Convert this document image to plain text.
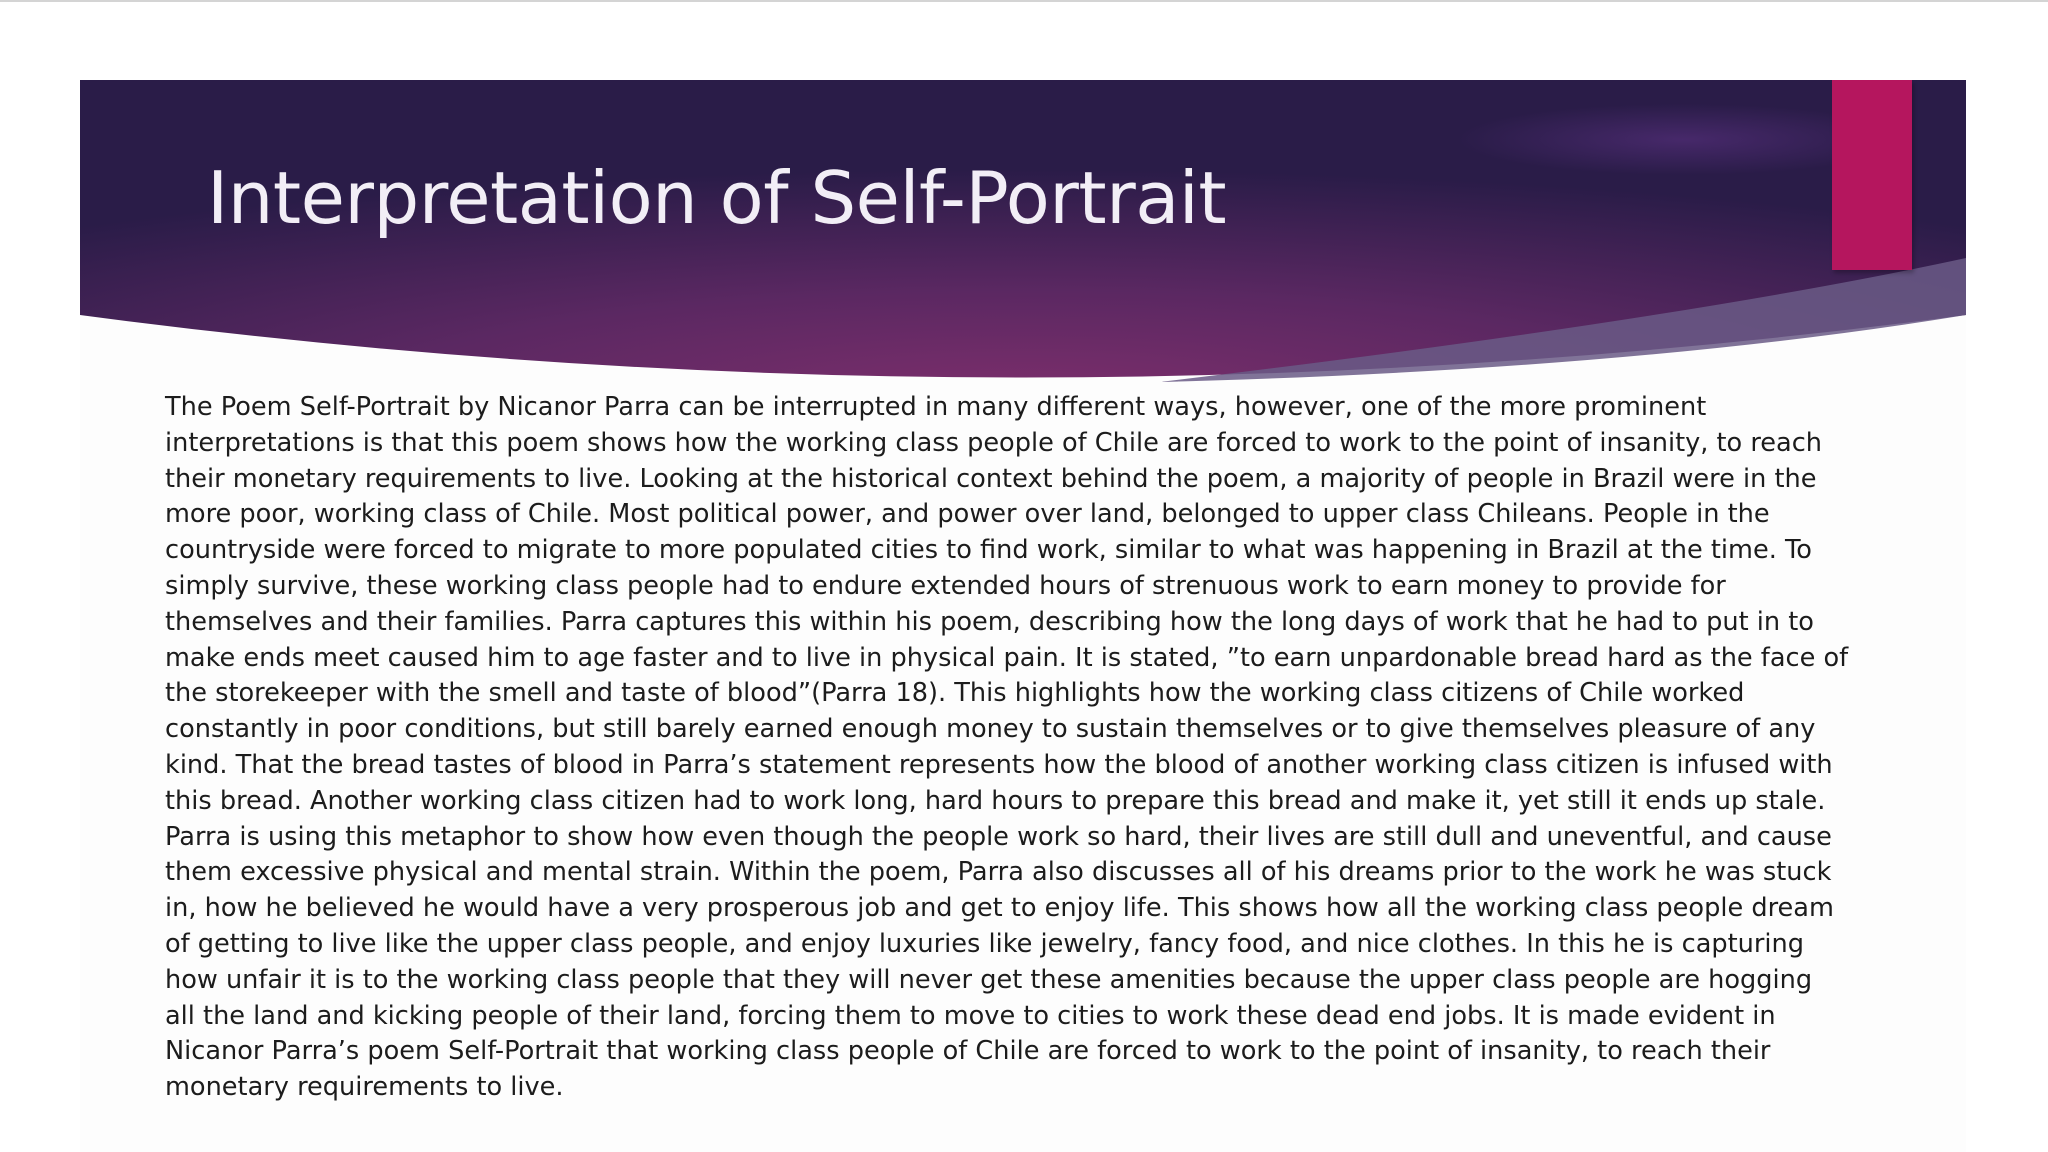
Interpretation of Self-Portrait

The Poem Self-Portrait by Nicanor Parra can be interrupted in many different ways, however, one of the more prominent
interpretations is that this poem shows how the working class people of Chile are forced to work to the point of insanity, to reach
their monetary requirements to live. Looking at the historical context behind the poem, a majority of people in Brazil were in the
more poor, working class of Chile. Most political power, and power over land, belonged to upper class Chileans. People in the
countryside were forced to migrate to more populated cities to find work, similar to what was happening in Brazil at the time. To
simply survive, these working class people had to endure extended hours of strenuous work to earn money to provide for
themselves and their families. Parra captures this within his poem, describing how the long days of work that he had to put in to
make ends meet caused him to age faster and to live in physical pain. It is stated, ”to earn unpardonable bread hard as the face of
the storekeeper with the smell and taste of blood”(Parra 18). This highlights how the working class citizens of Chile worked
constantly in poor conditions, but still barely earned enough money to sustain themselves or to give themselves pleasure of any
kind. That the bread tastes of blood in Parra’s statement represents how the blood of another working class citizen is infused with
this bread. Another working class citizen had to work long, hard hours to prepare this bread and make it, yet still it ends up stale.
Parra is using this metaphor to show how even though the people work so hard, their lives are still dull and uneventful, and cause
them excessive physical and mental strain. Within the poem, Parra also discusses all of his dreams prior to the work he was stuck
in, how he believed he would have a very prosperous job and get to enjoy life. This shows how all the working class people dream
of getting to live like the upper class people, and enjoy luxuries like jewelry, fancy food, and nice clothes. In this he is capturing
how unfair it is to the working class people that they will never get these amenities because the upper class people are hogging
all the land and kicking people of their land, forcing them to move to cities to work these dead end jobs. It is made evident in
Nicanor Parra’s poem Self-Portrait that working class people of Chile are forced to work to the point of insanity, to reach their
monetary requirements to live.
